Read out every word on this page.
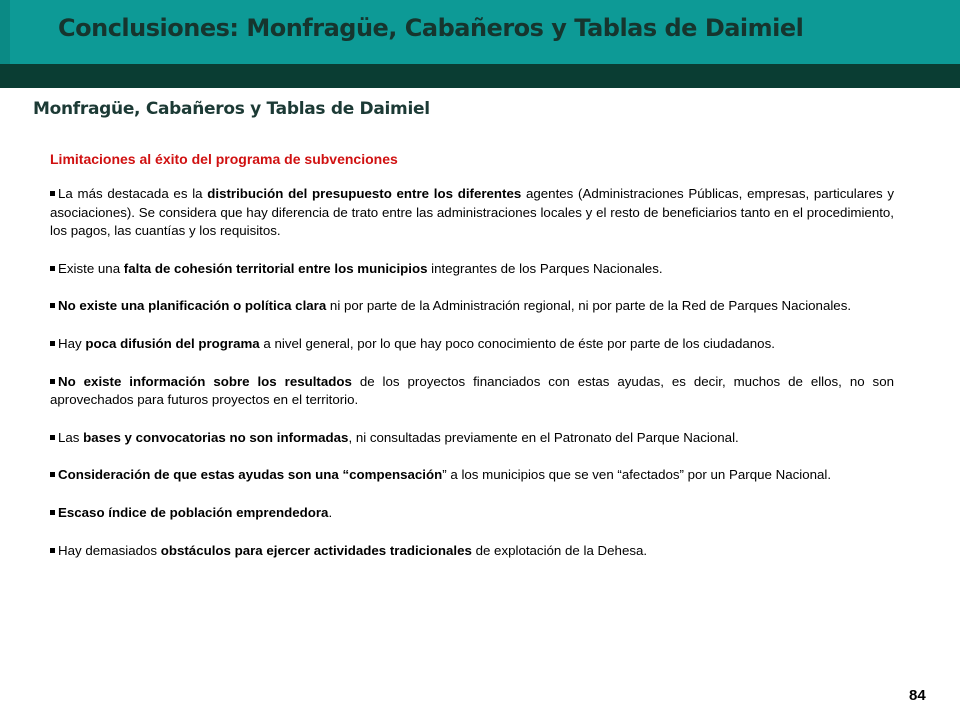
Conclusiones: Monfragüe, Cabañeros y Tablas de Daimiel
Monfragüe, Cabañeros y Tablas de Daimiel
Limitaciones al éxito del programa de subvenciones
La más destacada es la distribución del presupuesto entre los diferentes agentes (Administraciones Públicas, empresas, particulares y asociaciones). Se considera que hay diferencia de trato entre las administraciones locales y el resto de beneficiarios tanto en el procedimiento, los pagos, las cuantías y los requisitos.
Existe una falta de cohesión territorial entre los municipios integrantes de los Parques Nacionales.
No existe una planificación o política clara ni por parte de la Administración regional, ni por parte de la Red de Parques Nacionales.
Hay poca difusión del programa a nivel general, por lo que hay poco conocimiento de éste por parte de los ciudadanos.
No existe información sobre los resultados de los proyectos financiados con estas ayudas, es decir, muchos de ellos, no son aprovechados para futuros proyectos en el territorio.
Las bases y convocatorias no son informadas, ni consultadas previamente en el Patronato del Parque Nacional.
Consideración de que estas ayudas son una “compensación” a los municipios que se ven “afectados” por un Parque Nacional.
Escaso índice de población emprendedora.
Hay demasiados obstáculos para ejercer actividades tradicionales de explotación de la Dehesa.
84
